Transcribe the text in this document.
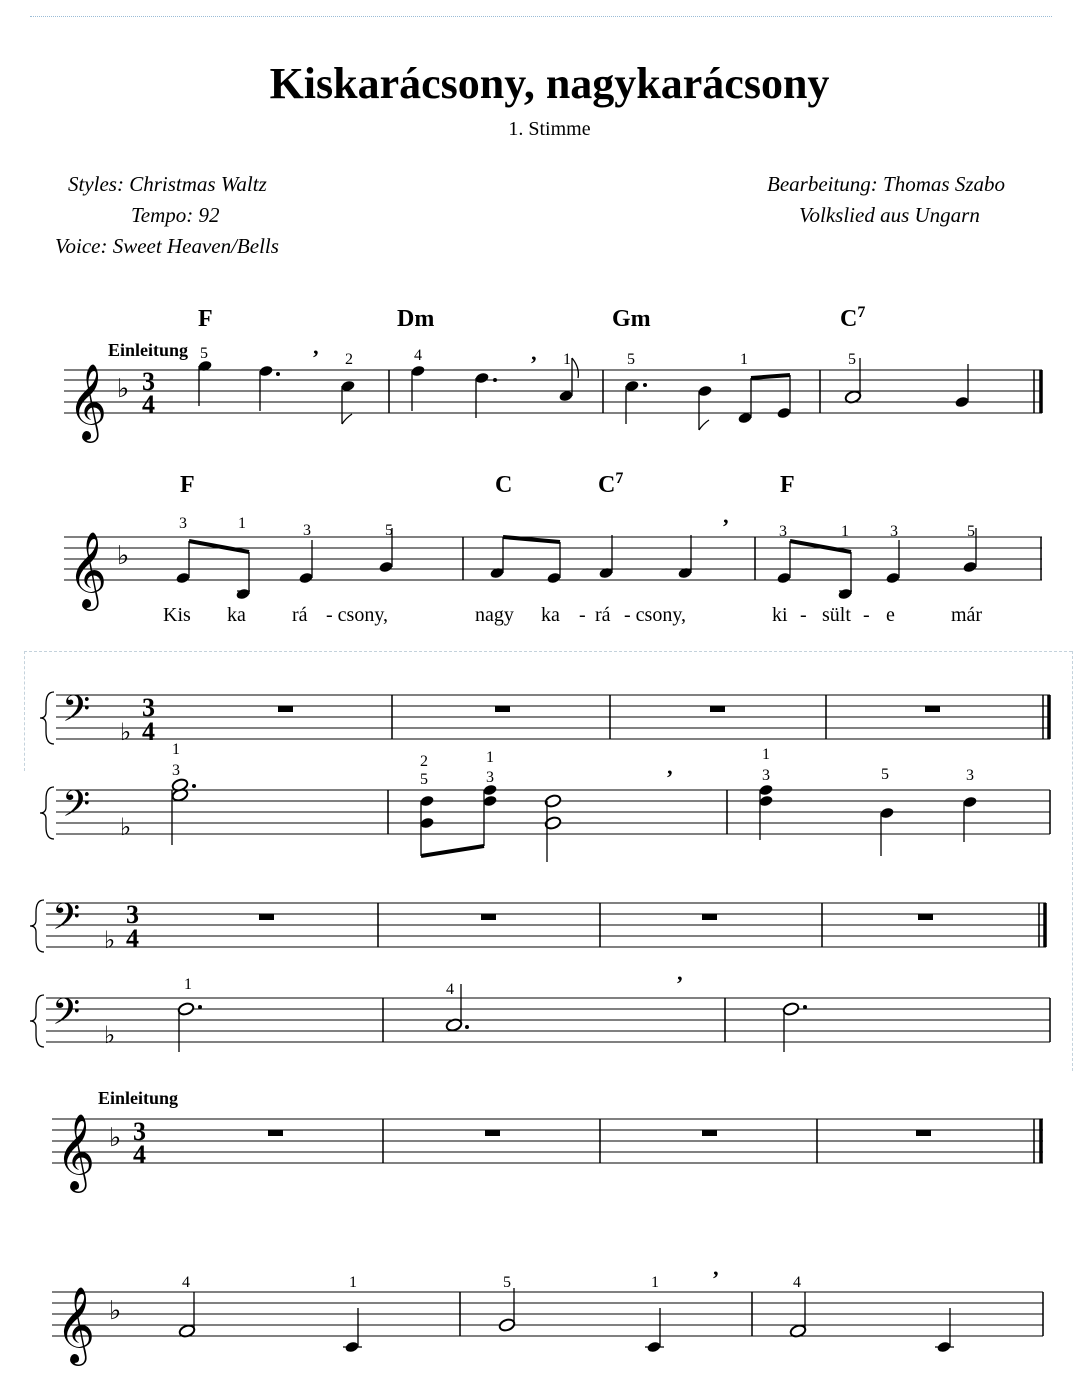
Kiskarácsony, nagykarácsony
1. Stimme
Styles: Christmas Waltz
Tempo: 92
Voice: Sweet Heaven/Bells
Bearbeitung: Thomas Szabo
Volkslied aus Ungarn
𝄞 ♭ 3
4
Einleitung
F	Dm	Gm	$C^7$
5	2	4	1	5	1	5
’	’
𝄞 ♭
F	C	$C^7$	F
3	1	3	5	3	1	3	5
’
Kis ka rá - csony,	nagy ka - rá - csony,	ki - sült - e	már
𝄢 ♭
3
4
𝄢 ♭
1
3
2
5
1
3
1
3	5	3
’
𝄢 ♭
3
4
𝄢 ♭
1	4	’
𝄞 ♭ 3
4
Einleitung
𝄞 ♭
4	1	5	1	4
’
